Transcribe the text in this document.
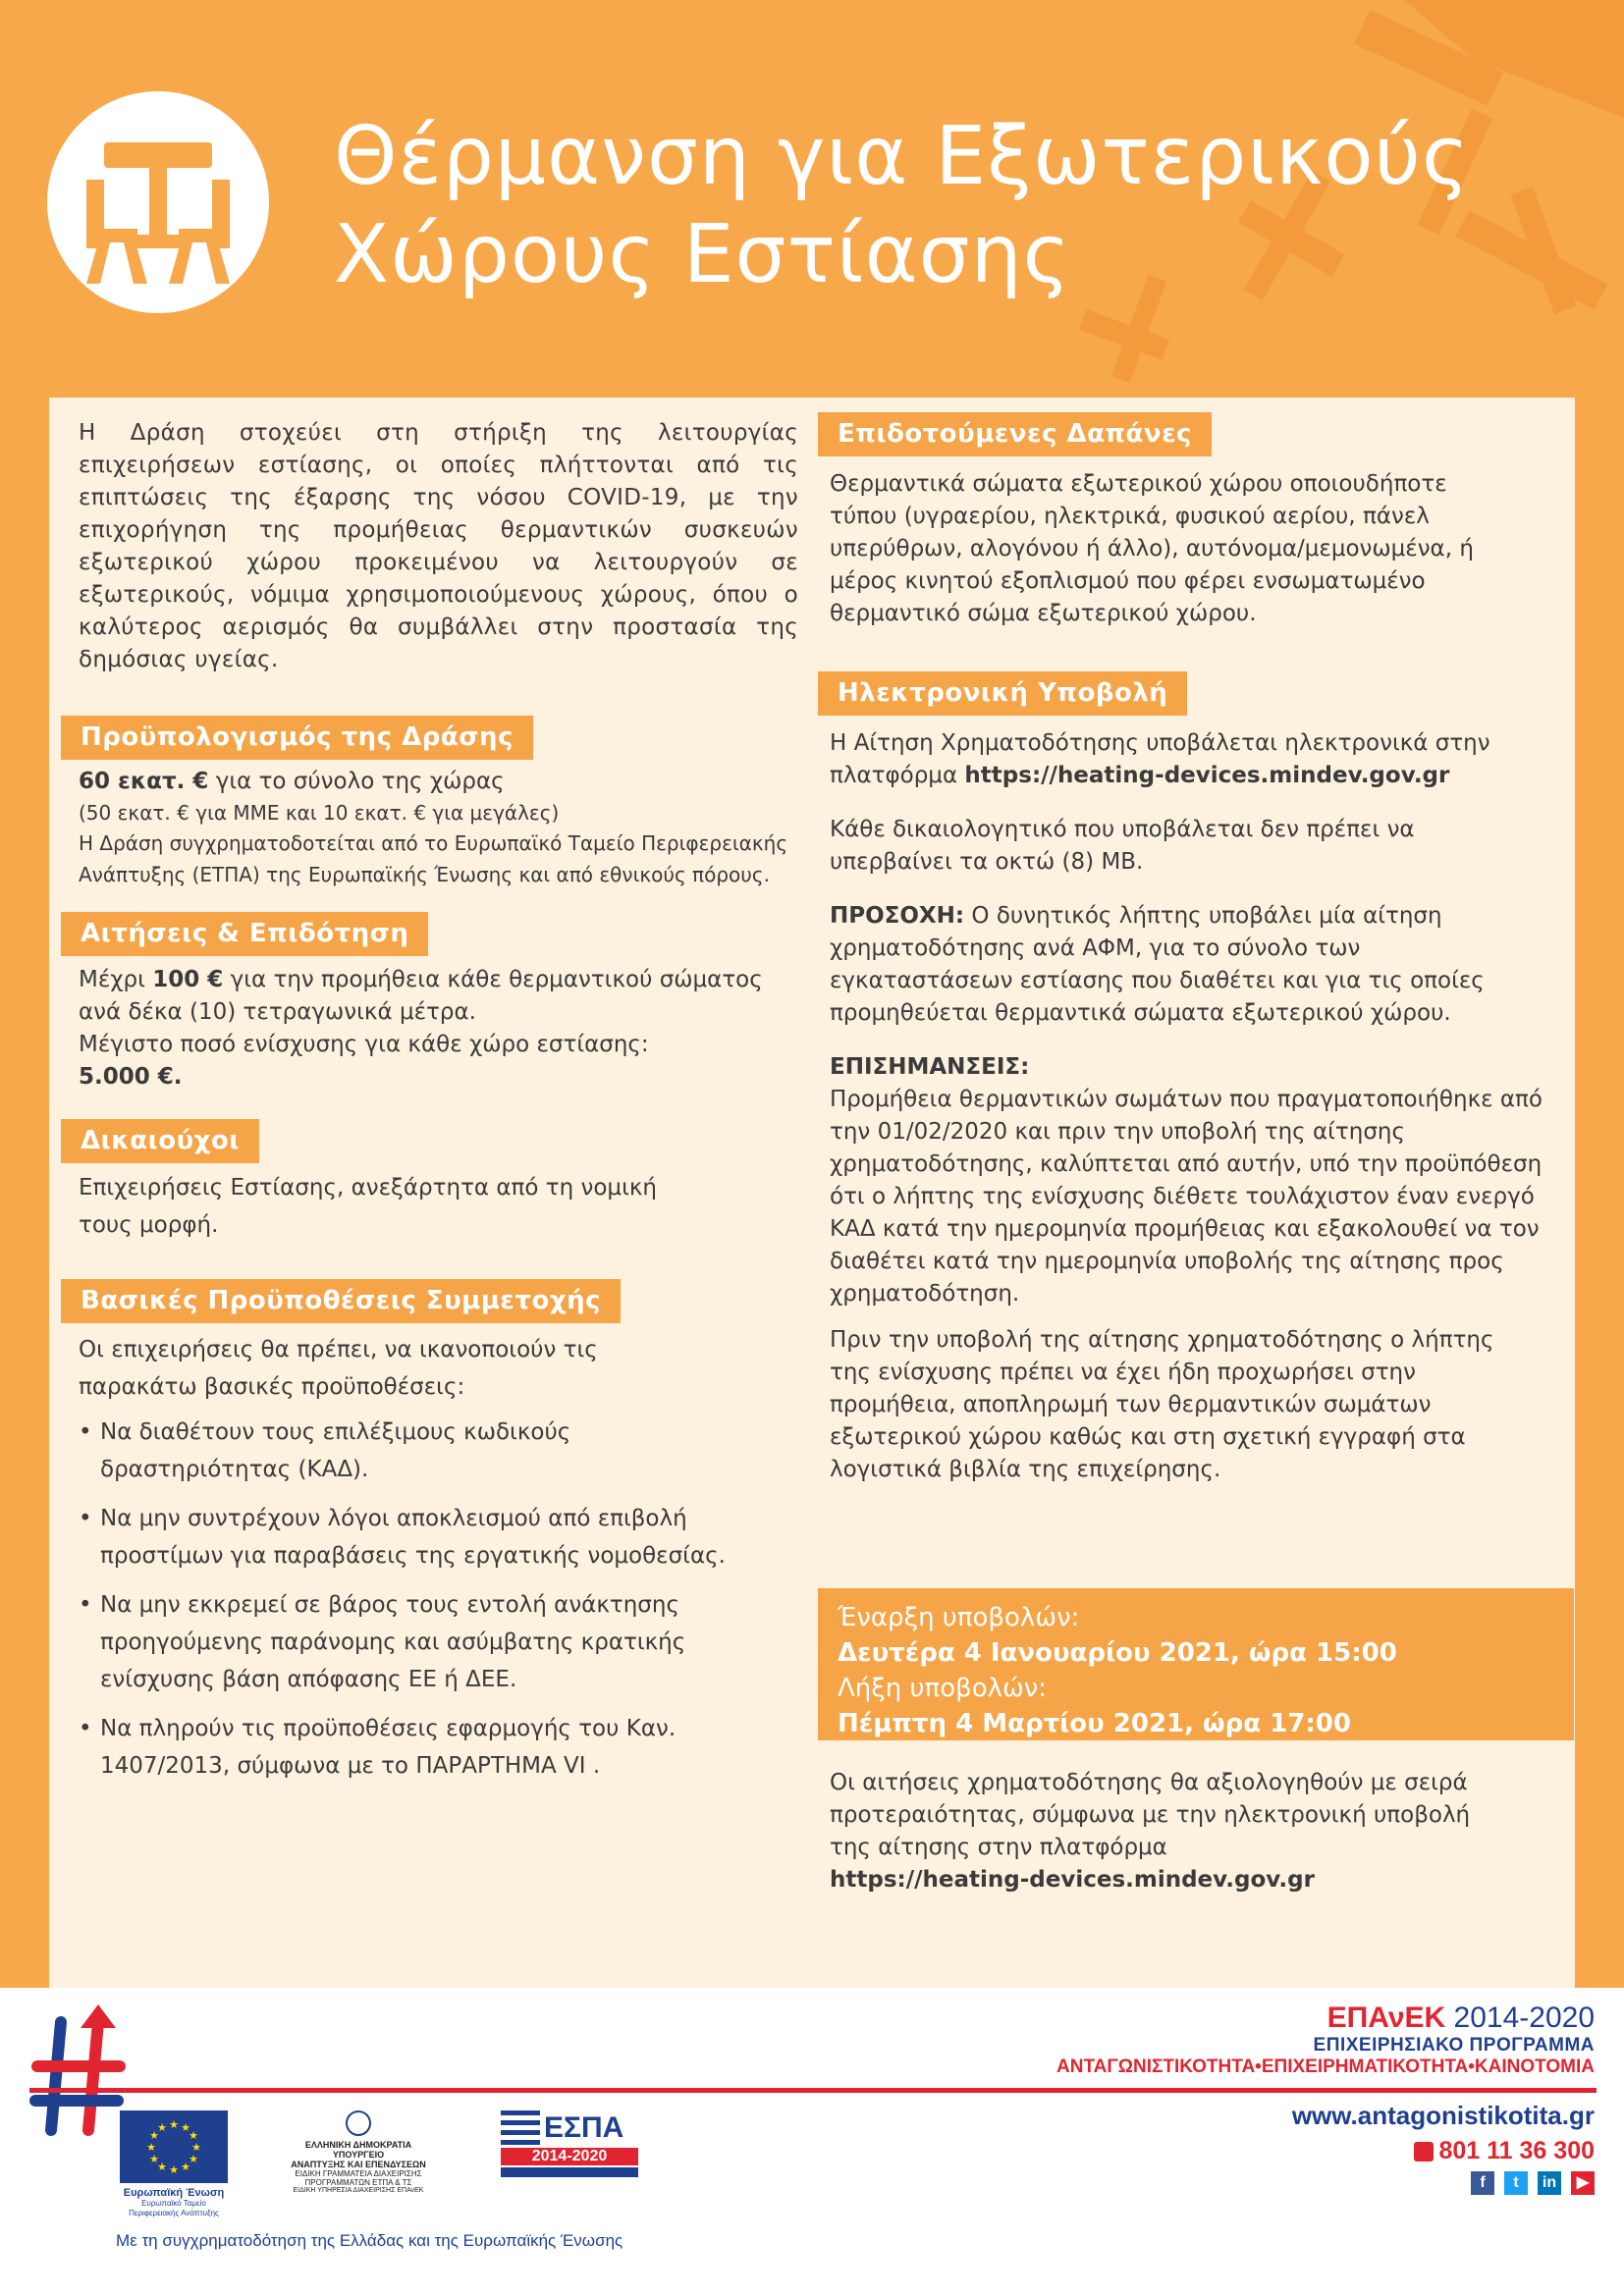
Θέρμανση για Εξωτερικούς
Χώρους Εστίασης

Η Δράση στοχεύει στη στήριξη της λειτουργίας επιχειρήσεων εστίασης, οι οποίες πλήττονται από τις επιπτώσεις της έξαρσης της νόσου COVID-19, με την επιχορήγηση της προμήθειας θερμαντικών συσκευών εξωτερικού χώρου προκειμένου να λειτουργούν σε εξωτερικούς, νόμιμα χρησιμοποιούμενους χώρους, όπου ο καλύτερος αερισμός θα συμβάλλει στην προστασία της δημόσιας υγείας.

Προϋπολογισμός της Δράσης
60 εκατ. € για το σύνολο της χώρας
(50 εκατ. € για ΜΜΕ και 10 εκατ. € για μεγάλες)
Η Δράση συγχρηματοδοτείται από το Ευρωπαϊκό Ταμείο Περιφερειακής Ανάπτυξης (ΕΤΠΑ) της Ευρωπαϊκής Ένωσης και από εθνικούς πόρους.
Αιτήσεις & Επιδότηση
Μέχρι 100 € για την προμήθεια κάθε θερμαντικού σώματος ανά δέκα (10) τετραγωνικά μέτρα.
Μέγιστο ποσό ενίσχυσης για κάθε χώρο εστίασης:
5.000 €.
Δικαιούχοι
Επιχειρήσεις Εστίασης, ανεξάρτητα από τη νομική τους μορφή.
Βασικές Προϋποθέσεις Συμμετοχής
Οι επιχειρήσεις θα πρέπει, να ικανοποιούν τις παρακάτω βασικές προϋποθέσεις:
• Να διαθέτουν τους επιλέξιμους κωδικούς δραστηριότητας (ΚΑΔ).
• Να μην συντρέχουν λόγοι αποκλεισμού από επιβολή προστίμων για παραβάσεις της εργατικής νομοθεσίας.
• Να μην εκκρεμεί σε βάρος τους εντολή ανάκτησης προηγούμενης παράνομης και ασύμβατης κρατικής ενίσχυσης βάση απόφασης ΕΕ ή ΔΕΕ.
• Να πληρούν τις προϋποθέσεις εφαρμογής του Καν. 1407/2013, σύμφωνα με το ΠΑΡΑΡΤΗΜΑ VI .
Επιδοτούμενες Δαπάνες
Θερμαντικά σώματα εξωτερικού χώρου οποιουδήποτε τύπου (υγραερίου, ηλεκτρικά, φυσικού αερίου, πάνελ υπερύθρων, αλογόνου ή άλλο), αυτόνομα/μεμονωμένα, ή μέρος κινητού εξοπλισμού που φέρει ενσωματωμένο θερμαντικό σώμα εξωτερικού χώρου.
Ηλεκτρονική Υποβολή
Η Αίτηση Χρηματοδότησης υποβάλεται ηλεκτρονικά στην πλατφόρμα https://heating-devices.mindev.gov.gr
Κάθε δικαιολογητικό που υποβάλεται δεν πρέπει να υπερβαίνει τα οκτώ (8) MB.
ΠΡΟΣΟΧΗ: Ο δυνητικός λήπτης υποβάλει μία αίτηση χρηματοδότησης ανά ΑΦΜ, για το σύνολο των εγκαταστάσεων εστίασης που διαθέτει και για τις οποίες προμηθεύεται θερμαντικά σώματα εξωτερικού χώρου.
ΕΠΙΣΗΜΑΝΣΕΙΣ:
Προμήθεια θερμαντικών σωμάτων που πραγματοποιήθηκε από την 01/02/2020 και πριν την υποβολή της αίτησης χρηματοδότησης, καλύπτεται από αυτήν, υπό την προϋπόθεση ότι ο λήπτης της ενίσχυσης διέθετε τουλάχιστον έναν ενεργό ΚΑΔ κατά την ημερομηνία προμήθειας και εξακολουθεί να τον διαθέτει κατά την ημερομηνία υποβολής της αίτησης προς χρηματοδότηση.
Πριν την υποβολή της αίτησης χρηματοδότησης ο λήπτης της ενίσχυσης πρέπει να έχει ήδη προχωρήσει στην προμήθεια, αποπληρωμή των θερμαντικών σωμάτων εξωτερικού χώρου καθώς και στη σχετική εγγραφή στα λογιστικά βιβλία της επιχείρησης.
Έναρξη υποβολών:
Δευτέρα 4 Ιανουαρίου 2021, ώρα 15:00
Λήξη υποβολών:
Πέμπτη 4 Μαρτίου 2021, ώρα 17:00
Οι αιτήσεις χρηματοδότησης θα αξιολογηθούν με σειρά προτεραιότητας, σύμφωνα με την ηλεκτρονική υποβολή της αίτησης στην πλατφόρμα
https://heating-devices.mindev.gov.gr
ΕΠΑνΕΚ 2014-2020
ΕΠΙΧΕΙΡΗΣΙΑΚΟ ΠΡΟΓΡΑΜΜΑ
ΑΝΤΑΓΩΝΙΣΤΙΚΟΤΗΤΑ•ΕΠΙΧΕΙΡΗΜΑΤΙΚΟΤΗΤΑ•ΚΑΙΝΟΤΟΜΙΑ
www.antagonistikotita.gr
801 11 36 300
f	t	in	▶
★ ★
★
★
★
★
★
★
★
★
★
★
Ευρωπαϊκή Ένωση
Ευρωπαϊκό Ταμείο Περιφερειακής Ανάπτυξης
ΕΛΛΗΝΙΚΗ ΔΗΜΟΚΡΑΤΙΑ
ΥΠΟΥΡΓΕΙΟ
ΑΝΑΠΤΥΞΗΣ ΚΑΙ ΕΠΕΝΔΥΣΕΩΝ
ΕΙΔΙΚΗ ΓΡΑΜΜΑΤΕΙΑ ΔΙΑΧΕΙΡΙΣΗΣ
ΠΡΟΓΡΑΜΜΑΤΩΝ ΕΤΠΑ & ΤΣ
ΕΙΔΙΚΗ ΥΠΗΡΕΣΙΑ ΔΙΑΧΕΙΡΙΣΗΣ ΕΠΑνΕΚ
ΕΣΠΑ
2014-2020
Με τη συγχρηματοδότηση της Ελλάδας και της Ευρωπαϊκής Ένωσης
